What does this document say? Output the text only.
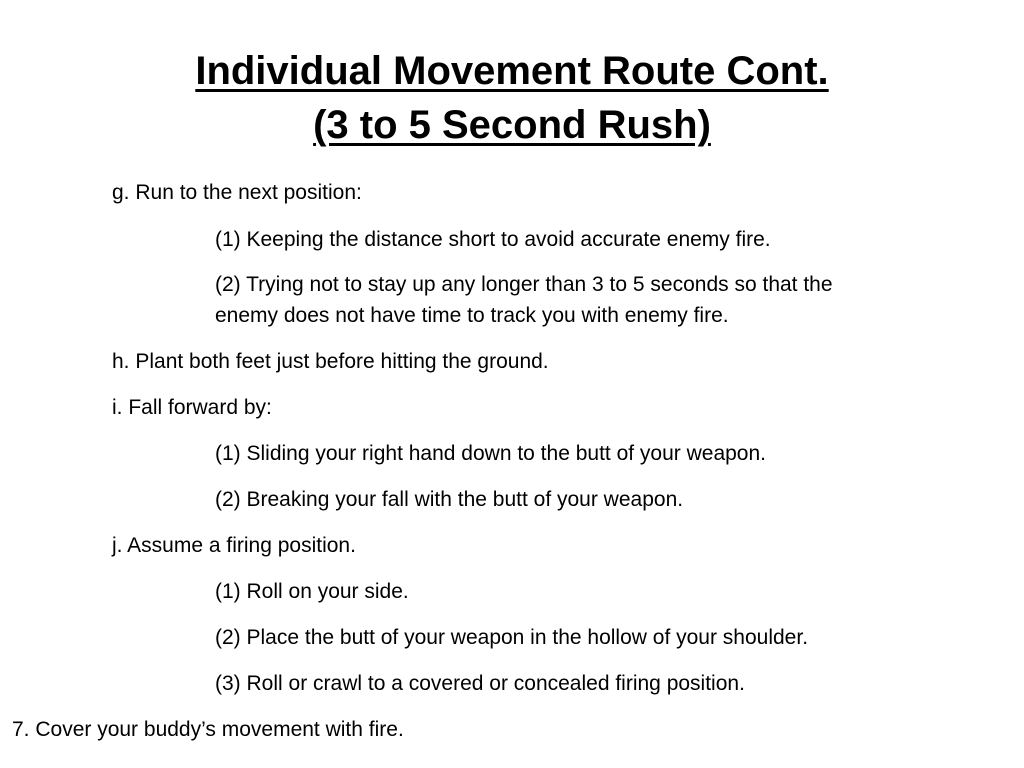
Individual Movement Route Cont.
(3 to 5 Second Rush)

g. Run to the next position:

(1) Keeping the distance short to avoid accurate enemy fire.

(2) Trying not to stay up any longer than 3 to 5 seconds so that the

enemy does not have time to track you with enemy fire.

h. Plant both feet just before hitting the ground.

i. Fall forward by:

(1) Sliding your right hand down to the butt of your weapon.

(2) Breaking your fall with the butt of your weapon.

j. Assume a firing position.

(1) Roll on your side.

(2) Place the butt of your weapon in the hollow of your shoulder.

(3) Roll or crawl to a covered or concealed firing position.

7. Cover your buddy’s movement with fire.
